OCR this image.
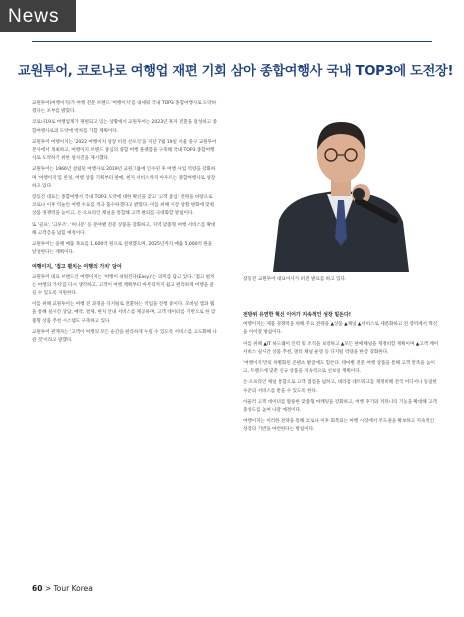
News
교원투어, 코로나로 여행업 재편 기회 삼아 종합여행사 국내 TOP3에 도전장!

교원투어(여행이지)가 여행 전문 브랜드 '여행이지'를 내세워 국내 TOP3 종합여행사로 도약하겠다는 포부를 밝혔다.

코로나19로 여행업계가 재편되고 있는 상황에서 교원투어는 2023년 흑자 전환을 달성하고 종합여행사로의 도약에 박차를 가할 계획이다.

교원투어 여행이지는 '2022 여행이지 성장 비전 선포식'을 지난 7월 19일 서울 중구 교원투어 본사에서 개최하고, 여행이지 브랜드 중심의 종합 여행 플랫폼을 구축해 국내 TOP3 종합여행사로 도약하기 위한 청사진을 제시했다.

교원투어는 1966년 설립된 여행사로 2019년 교원그룹에 인수된 후 여행 사업 역량을 강화하며 '여행이지'를 론칭, 여행 상품 기획부터 판매, 현지 서비스까지 아우르는 종합여행사로 성장하고 있다.

장동진 대표는 종합여행사 국내 TOP3 도약에 대한 확신을 갖고 '고객 중심' 전략을 바탕으로 코로나 이후 억눌린 여행 수요를 적극 흡수하겠다고 밝혔다. 이를 위해 시장 상황 변화에 맞춰 상품 경쟁력을 높이고, 온·오프라인 채널을 통합해 고객 편의를 극대화할 방침이다.

또 '골프', '크루즈', '허니문' 등 분야별 전문 상품을 강화하고, 지역 맞춤형 여행 서비스를 확대해 고객층을 넓힐 예정이다.

교원투어는 올해 매출 목표를 1,600억 원으로 설정했으며, 2025년까지 매출 5,000억 원을 달성한다는 계획이다.

여행이지, '접고 펼치는 여행의 가치' 담아

교원투어 대표 브랜드인 여행이지는 '여행이 쉬워진다(Easy)'는 의미를 담고 있다. '접고 펼치는 여행의 가치'를 다시 생각하고, 고객이 여행 계획부터 마무리까지 쉽고 편리하게 여행을 즐길 수 있도록 지원한다.

이를 위해 교원투어는 여행 전 과정을 디지털로 전환하는 작업을 진행 중이다. 모바일 앱과 웹을 통해 실시간 상담, 예약, 결제, 현지 안내 서비스를 제공하며, 고객 데이터를 기반으로 한 맞춤형 상품 추천 시스템도 구축하고 있다.

교원투어 관계자는 '고객이 여행의 모든 순간을 편리하게 누릴 수 있도록 서비스를 고도화해 나갈 것'이라고 말했다.

장동진 교원투어 대표이사가 비전 발표를 하고 있다.

전방위 유연한 혁신 이어가 지속적인 성장 밑돈다!

여행이지는 제품 경쟁력을 위해 주요 전략을 ▲상품 ▲채널 ▲서비스로 세분화하고 전 영역에서 혁신을 이어갈 방침이다.

이를 위해 ▲IT 하드웨어 인력 및 조직을 보강하고 ▲모든 판매채널을 재정비할 계획이며 ▲고객 케어서비스 실시간 상품 추천, 멀티 채널 운영 등 디지털 역량을 한층 강화한다.

'여행이지'만의 차별화된 콘텐츠 발굴에도 힘쓴다. 테마별 전문 여행 상품을 통해 고객 만족을 높이고, 트렌드에 맞춘 신규 상품을 지속적으로 선보일 계획이다.

온·오프라인 채널 통합으로 고객 접점을 넓히고, 대리점 네트워크를 재정비해 전국 어디서나 동일한 수준의 서비스를 받을 수 있도록 한다.

아울러 고객 데이터를 활용한 맞춤형 마케팅을 강화하고, 여행 후기와 커뮤니티 기능을 확대해 고객 충성도를 높여 나갈 예정이다.

여행이지는 이러한 전략을 통해 코로나 이후 회복되는 여행 시장에서 주도권을 확보하고 지속적인 성장의 기반을 마련한다는 방침이다.

60 > Tour Korea
